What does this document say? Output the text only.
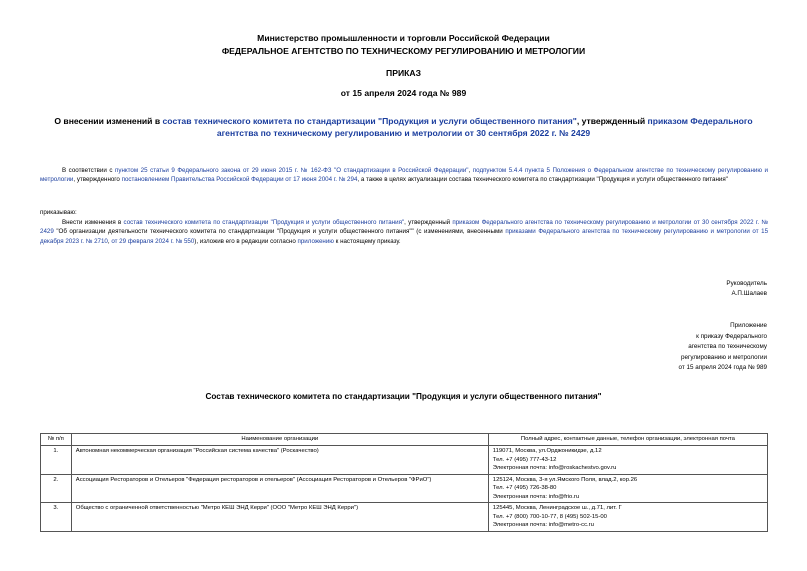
Министерство промышленности и торговли Российской Федерации
ФЕДЕРАЛЬНОЕ АГЕНТСТВО ПО ТЕХНИЧЕСКОМУ РЕГУЛИРОВАНИЮ И МЕТРОЛОГИИ
ПРИКАЗ
от 15 апреля 2024 года № 989
О внесении изменений в состав технического комитета по стандартизации "Продукция и услуги общественного питания", утвержденный приказом Федерального агентства по техническому регулированию и метрологии от 30 сентября 2022 г. № 2429
В соответствии с пунктом 25 статьи 9 Федерального закона от 29 июня 2015 г. № 162-ФЗ "О стандартизации в Российской Федерации", подпунктом 5.4.4 пункта 5 Положения о Федеральном агентстве по техническому регулированию и метрологии, утвержденного постановлением Правительства Российской Федерации от 17 июня 2004 г. № 294, а также в целях актуализации состава технического комитета по стандартизации "Продукция и услуги общественного питания"
приказываю:
Внести изменения в состав технического комитета по стандартизации "Продукция и услуги общественного питания", утвержденный приказом Федерального агентства по техническому регулированию и метрологии от 30 сентября 2022 г. № 2429 "Об организации деятельности технического комитета по стандартизации "Продукция и услуги общественного питания"" (с изменениями, внесенными приказами Федерального агентства по техническому регулированию и метрологии от 15 декабря 2023 г. № 2710, от 29 февраля 2024 г. № 550), изложив его в редакции согласно приложению к настоящему приказу.
Руководитель
А.П.Шалаев
Приложение
к приказу Федерального
агентства по техническому
регулированию и метрологии
от 15 апреля 2024 года № 989
Состав технического комитета по стандартизации "Продукция и услуги общественного питания"
№ п/п	Наименование организации	Полный адрес, контактные данные, телефон организации, электронная почта
1.	Автономная некоммерческая организация "Российская система качества" (Роскачество)	119071, Москва, ул.Орджоникидзе, д.12
Тел. +7 (495) 777-43-12
Электронная почта: info@roskachestvo.gov.ru

2.	Ассоциация Рестораторов и Отельеров "Федерация рестораторов и отельеров" (Ассоциация Рестораторов и Отельеров "ФРиО")	125124, Москва, 3-я ул.Ямского Поля, влад.2, кор.26
Тел. +7 (495) 726-38-80
Электронная почта: info@frio.ru

3.	Общество с ограниченной ответственностью "Метро КЕШ ЭНД Керри" (ООО "Метро КЕШ ЭНД Керри")	125445, Москва, Ленинградское ш., д.71, лит. Г
Тел. +7 (800) 700-10-77, 8 (495) 502-15-00
Электронная почта: info@metro-cc.ru
